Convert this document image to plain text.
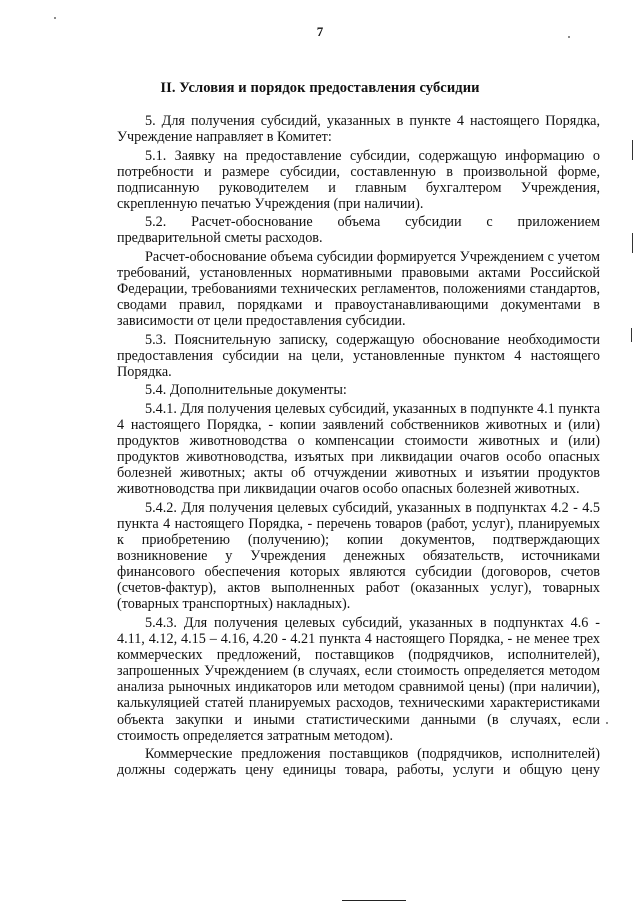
7
II. Условия и порядок предоставления субсидии

5. Для получения субсидий, указанных в пункте 4 настоящего Порядка, Учреждение направляет в Комитет:

5.1. Заявку на предоставление субсидии, содержащую информацию о потребности и размере субсидии, составленную в произвольной форме, подписанную руководителем и главным бухгалтером Учреждения, скрепленную печатью Учреждения (при наличии).

5.2. Расчет-обоснование объема субсидии с приложением предварительной сметы расходов.

Расчет-обоснование объема субсидии формируется Учреждением с учетом требований, установленных нормативными правовыми актами Российской Федерации, требованиями технических регламентов, положениями стандартов, сводами правил, порядками и правоустанавливающими документами в зависимости от цели предоставления субсидии.

5.3. Пояснительную записку, содержащую обоснование необходимости предоставления субсидии на цели, установленные пунктом 4 настоящего Порядка.

5.4. Дополнительные документы:

5.4.1. Для получения целевых субсидий, указанных в подпункте 4.1 пункта 4 настоящего Порядка, - копии заявлений собственников животных и (или) продуктов животноводства о компенсации стоимости животных и (или) продуктов животноводства, изъятых при ликвидации очагов особо опасных болезней животных; акты об отчуждении животных и изъятии продуктов животноводства при ликвидации очагов особо опасных болезней животных.

5.4.2. Для получения целевых субсидий, указанных в подпунктах 4.2 - 4.5 пункта 4 настоящего Порядка, - перечень товаров (работ, услуг), планируемых к приобретению (получению); копии документов, подтверждающих возникновение у Учреждения денежных обязательств, источниками финансового обеспечения которых являются субсидии (договоров, счетов (счетов-фактур), актов выполненных работ (оказанных услуг), товарных (товарных транспортных) накладных).

5.4.3. Для получения целевых субсидий, указанных в подпунктах 4.6 - 4.11, 4.12, 4.15 – 4.16, 4.20 - 4.21 пункта 4 настоящего Порядка, - не менее трех коммерческих предложений, поставщиков (подрядчиков, исполнителей), запрошенных Учреждением (в случаях, если стоимость определяется методом анализа рыночных индикаторов или методом сравнимой цены) (при наличии), калькуляцией статей планируемых расходов, техническими характеристиками объекта закупки и иными статистическими данными (в случаях, если стоимость определяется затратным методом).

Коммерческие предложения поставщиков (подрядчиков, исполнителей) должны содержать цену единицы товара, работы, услуги и общую цену
